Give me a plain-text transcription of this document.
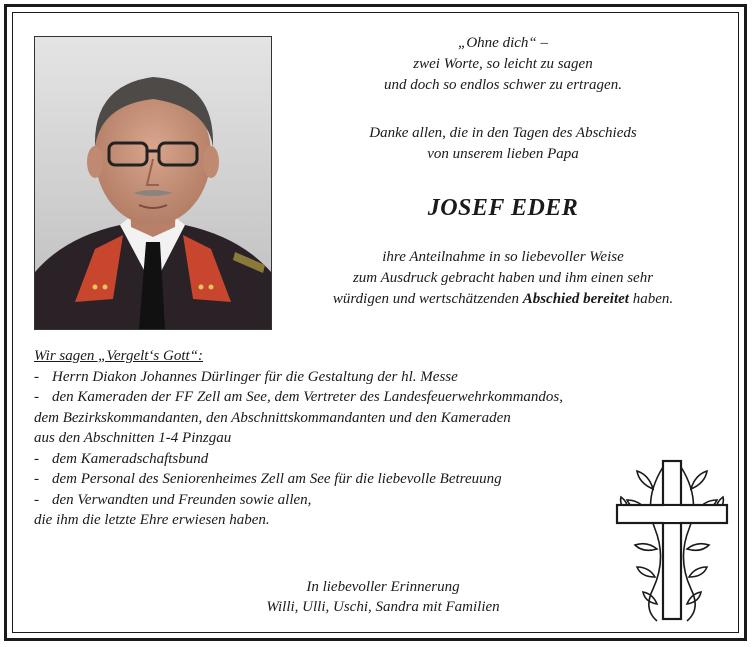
„Ohne dich“ –
zwei Worte, so leicht zu sagen
und doch so endlos schwer zu ertragen.
Danke allen, die in den Tagen des Abschieds
von unserem lieben Papa
JOSEF EDER
ihre Anteilnahme in so liebevoller Weise
zum Ausdruck gebracht haben und ihm einen sehr
würdigen und wertschätzenden Abschied bereitet haben.
Wir sagen „Vergelt‘s Gott“:
- Herrn Diakon Johannes Dürlinger für die Gestaltung der hl. Messe
- den Kameraden der FF Zell am See, dem Vertreter des Landesfeuerwehrkommandos,
dem Bezirkskommandanten, den Abschnittskommandanten und den Kameraden
aus den Abschnitten 1-4 Pinzgau
- dem Kameradschaftsbund
- dem Personal des Seniorenheimes Zell am See für die liebevolle Betreuung
- den Verwandten und Freunden sowie allen,
die ihm die letzte Ehre erwiesen haben.
In liebevoller Erinnerung
Willi, Ulli, Uschi, Sandra mit Familien
